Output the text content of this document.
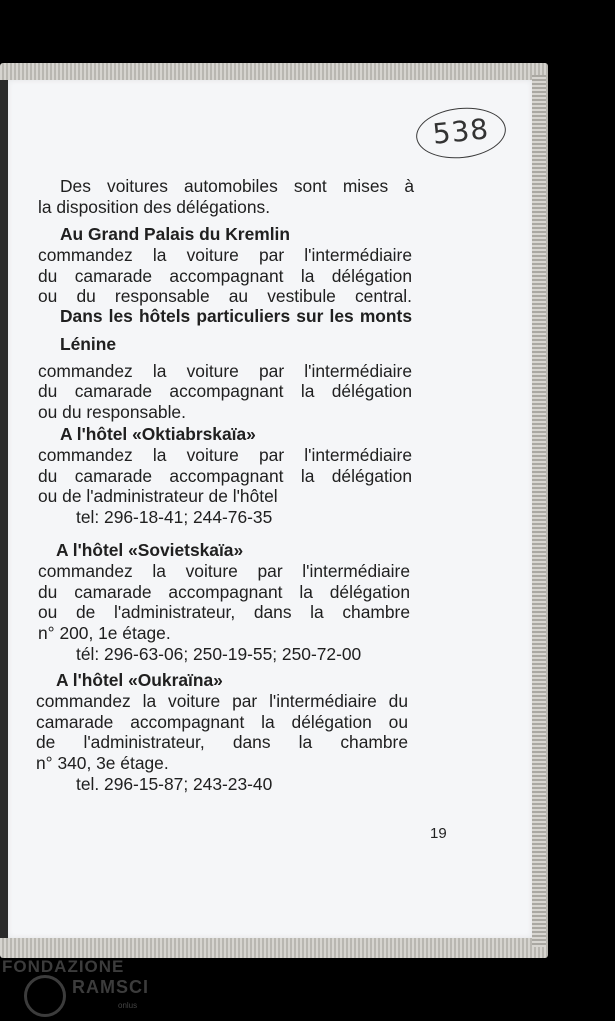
538
Des voitures automobiles sont mises à
la disposition des délégations.
Au Grand Palais du Kremlin
commandez la voiture par l'intermédiaire
du camarade accompagnant la délégation
ou du responsable au vestibule central.
Dans les hôtels particuliers sur les monts
Lénine
commandez la voiture par l'intermédiaire
du camarade accompagnant la délégation
ou du responsable.
A l'hôtel «Oktiabrskaïa»
commandez la voiture par l'intermédiaire
du camarade accompagnant la délégation
ou de l'administrateur de l'hôtel
tel: 296-18-41; 244-76-35
A l'hôtel «Sovietskaïa»
commandez la voiture par l'intermédiaire
du camarade accompagnant la délégation
ou de l'administrateur, dans la chambre
n° 200, 1e étage.
tél: 296-63-06; 250-19-55; 250-72-00
A l'hôtel «Oukraïna»
commandez la voiture par l'intermédiaire du
camarade accompagnant la délégation ou
de l'administrateur, dans la chambre
n° 340, 3e étage.
tel. 296-15-87; 243-23-40
19
FONDAZIONE
RAMSCI
onlus
